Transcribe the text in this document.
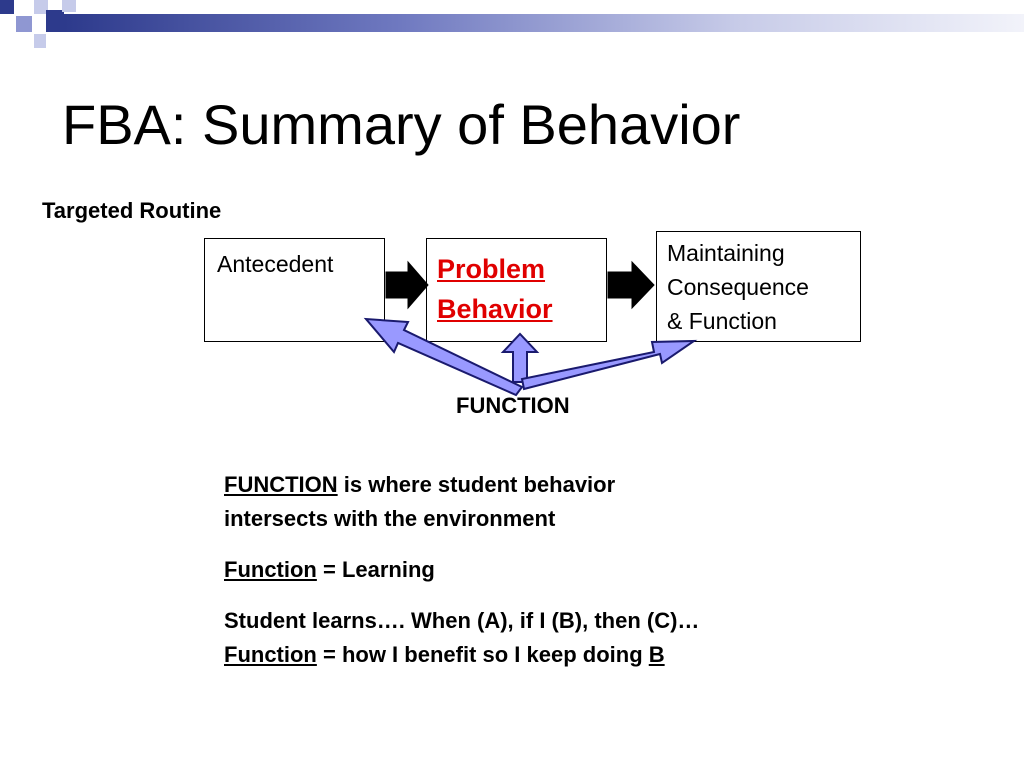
FBA: Summary of Behavior
Targeted Routine
Antecedent	Problem
Behavior
Maintaining
Consequence
& Function
FUNCTION
FUNCTION is where student behavior
intersects with the environment
Function = Learning
Student learns…. When (A), if I (B), then (C)…
Function = how I benefit so I keep doing B
